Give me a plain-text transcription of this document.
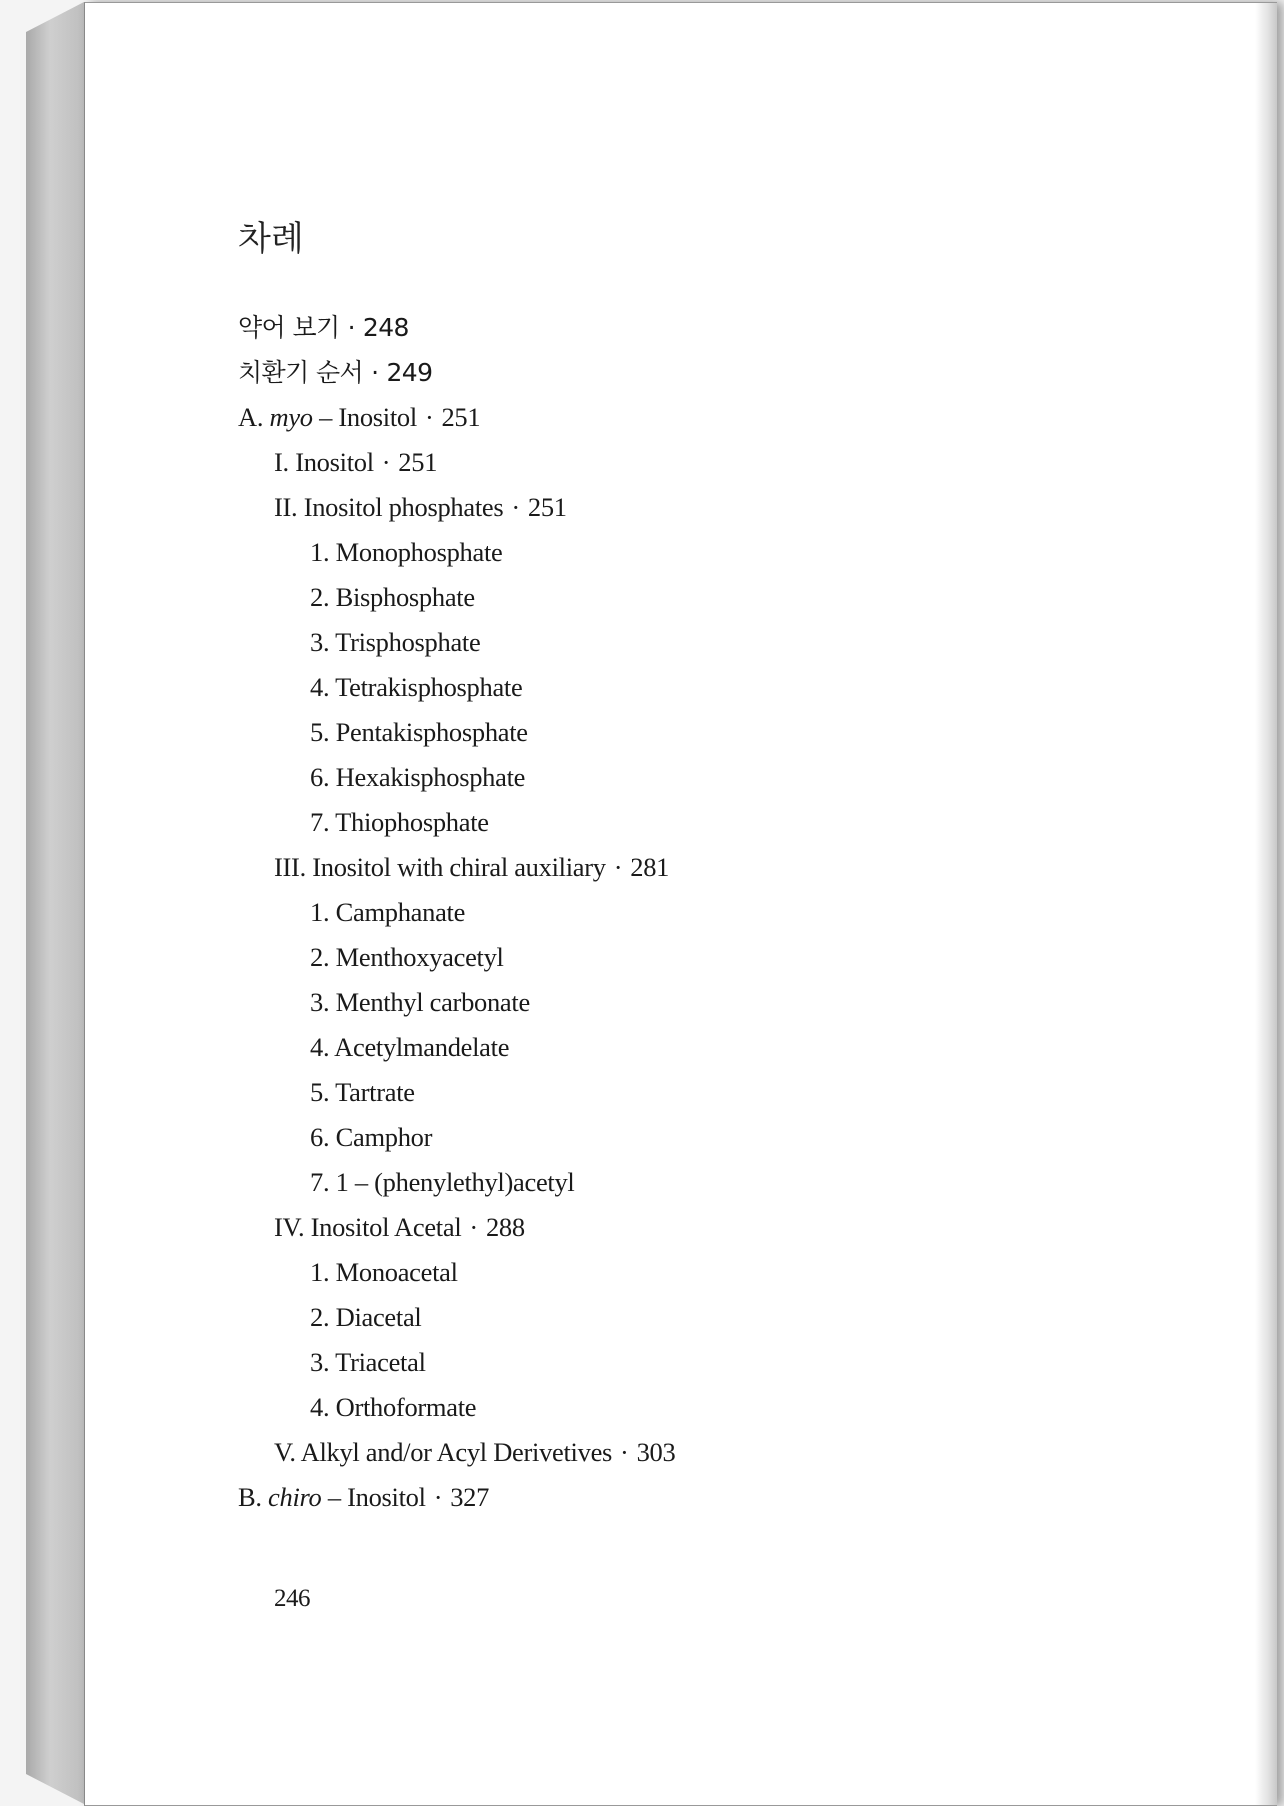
차례
약어 보기 · 248
치환기 순서 · 249
A. myo – Inositol · 251
I. Inositol · 251
II. Inositol phosphates · 251
1. Monophosphate
2. Bisphosphate
3. Trisphosphate
4. Tetrakisphosphate
5. Pentakisphosphate
6. Hexakisphosphate
7. Thiophosphate
III. Inositol with chiral auxiliary · 281
1. Camphanate
2. Menthoxyacetyl
3. Menthyl carbonate
4. Acetylmandelate
5. Tartrate
6. Camphor
7. 1 – (phenylethyl)acetyl
IV. Inositol Acetal · 288
1. Monoacetal
2. Diacetal
3. Triacetal
4. Orthoformate
V. Alkyl and/or Acyl Derivetives · 303
B. chiro – Inositol · 327
246
